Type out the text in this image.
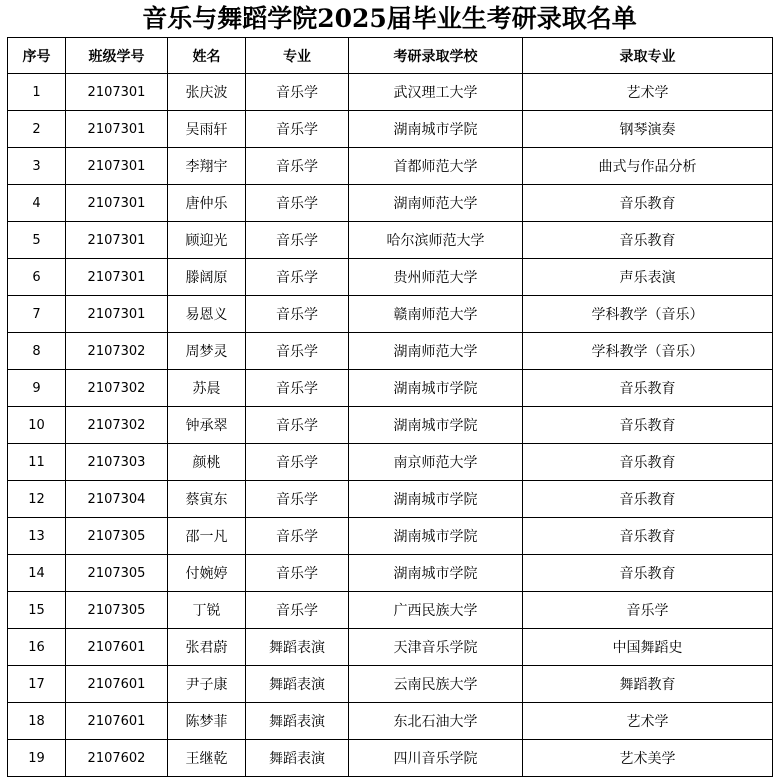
音乐与舞蹈学院2025届毕业生考研录取名单
序号	班级学号	姓名	专业	考研录取学校	录取专业
1	2107301	张庆波	音乐学	武汉理工大学	艺术学
2	2107301	吴雨轩	音乐学	湖南城市学院	钢琴演奏
3	2107301	李翔宇	音乐学	首都师范大学	曲式与作品分析
4	2107301	唐仲乐	音乐学	湖南师范大学	音乐教育
5	2107301	顾迎光	音乐学	哈尔滨师范大学	音乐教育
6	2107301	滕阔原	音乐学	贵州师范大学	声乐表演
7	2107301	易恩义	音乐学	赣南师范大学	学科教学（音乐）
8	2107302	周梦灵	音乐学	湖南师范大学	学科教学（音乐）
9	2107302	苏晨	音乐学	湖南城市学院	音乐教育
10	2107302	钟承翠	音乐学	湖南城市学院	音乐教育
11	2107303	颜桃	音乐学	南京师范大学	音乐教育
12	2107304	蔡寅东	音乐学	湖南城市学院	音乐教育
13	2107305	邵一凡	音乐学	湖南城市学院	音乐教育
14	2107305	付婉婷	音乐学	湖南城市学院	音乐教育
15	2107305	丁锐	音乐学	广西民族大学	音乐学
16	2107601	张君蔚	舞蹈表演	天津音乐学院	中国舞蹈史
17	2107601	尹子康	舞蹈表演	云南民族大学	舞蹈教育
18	2107601	陈梦菲	舞蹈表演	东北石油大学	艺术学
19	2107602	王继乾	舞蹈表演	四川音乐学院	艺术美学
